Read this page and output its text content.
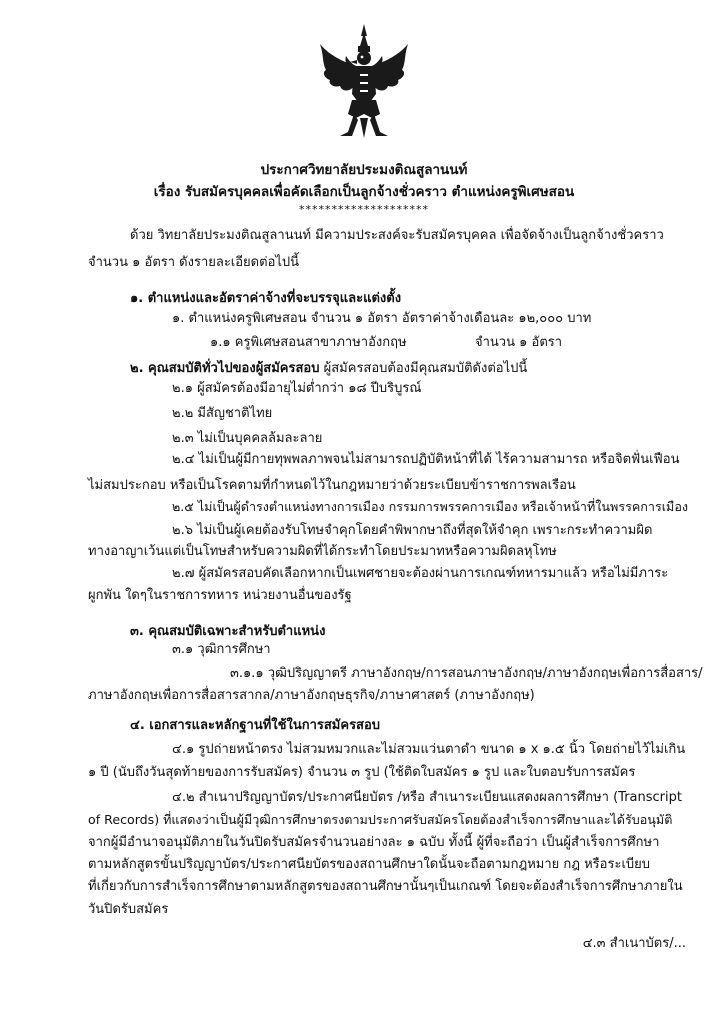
ประกาศวิทยาลัยประมงติณสูลานนท์
เรื่อง รับสมัครบุคคลเพื่อคัดเลือกเป็นลูกจ้างชั่วคราว ตำแหน่งครูพิเศษสอน
********************
ด้วย วิทยาลัยประมงติณสูลานนท์ มีความประสงค์จะรับสมัครบุคคล เพื่อจัดจ้างเป็นลูกจ้างชั่วคราว
จำนวน ๑ อัตรา ดังรายละเอียดต่อไปนี้
๑. ตำแหน่งและอัตราค่าจ้างที่จะบรรจุและแต่งตั้ง
๑. ตำแหน่งครูพิเศษสอน จำนวน ๑ อัตรา อัตราค่าจ้างเดือนละ ๑๒,๐๐๐ บาท
๑.๑ ครูพิเศษสอนสาขาภาษาอังกฤษ	จำนวน ๑ อัตรา
๒. คุณสมบัติทั่วไปของผู้สมัครสอบ ผู้สมัครสอบต้องมีคุณสมบัติดังต่อไปนี้
๒.๑ ผู้สมัครต้องมีอายุไม่ต่ำกว่า ๑๘ ปีบริบูรณ์
๒.๒ มีสัญชาติไทย
๒.๓ ไม่เป็นบุคคลล้มละลาย
๒.๔ ไม่เป็นผู้มีกายทุพพลภาพจนไม่สามารถปฏิบัติหน้าที่ได้ ไร้ความสามารถ หรือจิตฟั่นเฟือน
ไม่สมประกอบ หรือเป็นโรคตามที่กำหนดไว้ในกฎหมายว่าด้วยระเบียบข้าราชการพลเรือน
๒.๕ ไม่เป็นผู้ดำรงตำแหน่งทางการเมือง กรรมการพรรคการเมือง หรือเจ้าหน้าที่ในพรรคการเมือง
๒.๖ ไม่เป็นผู้เคยต้องรับโทษจำคุกโดยคำพิพากษาถึงที่สุดให้จำคุก เพราะกระทำความผิด
ทางอาญาเว้นแต่เป็นโทษสำหรับความผิดที่ได้กระทำโดยประมาทหรือความผิดลหุโทษ
๒.๗ ผู้สมัครสอบคัดเลือกหากเป็นเพศชายจะต้องผ่านการเกณฑ์ทหารมาแล้ว หรือไม่มีภาระ
ผูกพัน ใดๆในราชการทหาร หน่วยงานอื่นของรัฐ
๓. คุณสมบัติเฉพาะสำหรับตำแหน่ง
๓.๑ วุฒิการศึกษา
๓.๑.๑ วุฒิปริญญาตรี ภาษาอังกฤษ/การสอนภาษาอังกฤษ/ภาษาอังกฤษเพื่อการสื่อสาร/
ภาษาอังกฤษเพื่อการสื่อสารสากล/ภาษาอังกฤษธุรกิจ/ภาษาศาสตร์ (ภาษาอังกฤษ)
๔. เอกสารและหลักฐานที่ใช้ในการสมัครสอบ
๔.๑ รูปถ่ายหน้าตรง ไม่สวมหมวกและไม่สวมแว่นตาดำ ขนาด ๑ x ๑.๕ นิ้ว โดยถ่ายไว้ไม่เกิน
๑ ปี (นับถึงวันสุดท้ายของการรับสมัคร) จำนวน ๓ รูป (ใช้ติดใบสมัคร ๑ รูป และใบตอบรับการสมัคร
๔.๒ สำเนาปริญญาบัตร/ประกาศนียบัตร /หรือ สำเนาระเบียนแสดงผลการศึกษา (Transcript
of Records) ที่แสดงว่าเป็นผู้มีวุฒิการศึกษาตรงตามประกาศรับสมัครโดยต้องสำเร็จการศึกษาและได้รับอนุมัติ
จากผู้มีอำนาจอนุมัติภายในวันปิดรับสมัครจำนวนอย่างละ ๑ ฉบับ ทั้งนี้ ผู้ที่จะถือว่า เป็นผู้สำเร็จการศึกษา
ตามหลักสูตรขั้นปริญญาบัตร/ประกาศนียบัตรของสถานศึกษาใดนั้นจะถือตามกฎหมาย กฎ หรือระเบียบ
ที่เกี่ยวกับการสำเร็จการศึกษาตามหลักสูตรของสถานศึกษานั้นๆเป็นเกณฑ์ โดยจะต้องสำเร็จการศึกษาภายใน
วันปิดรับสมัคร
๔.๓ สำเนาบัตร/...
